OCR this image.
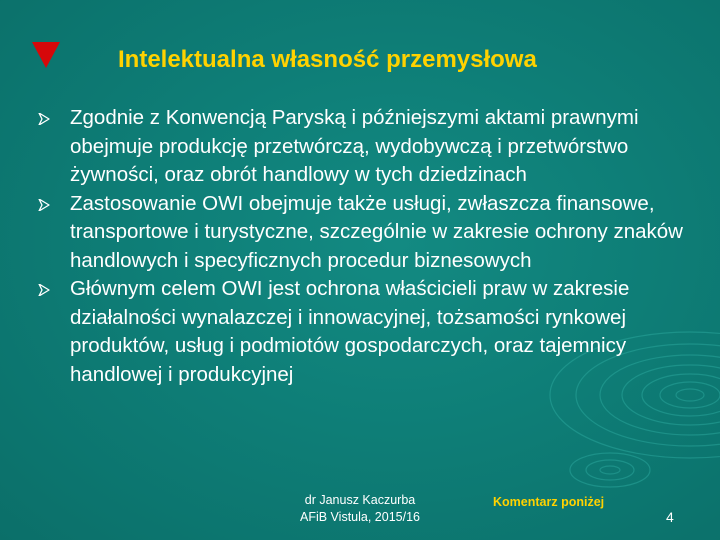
Intelektualna własność przemysłowa
Zgodnie z Konwencją Paryską i późniejszymi aktami prawnymi obejmuje produkcję przetwórczą, wydobywczą i przetwórstwo żywności, oraz obrót handlowy w tych dziedzinach
Zastosowanie OWI obejmuje także usługi, zwłaszcza finansowe, transportowe i turystyczne, szczególnie w zakresie ochrony znaków handlowych i specyficznych procedur biznesowych
Głównym celem OWI jest ochrona właścicieli praw w zakresie działalności wynalazczej i innowacyjnej, tożsamości rynkowej produktów, usług i podmiotów gospodarczych, oraz tajemnicy handlowej i produkcyjnej
dr Janusz Kaczurba
AFiB Vistula, 2015/16
Komentarz poniżej
4
